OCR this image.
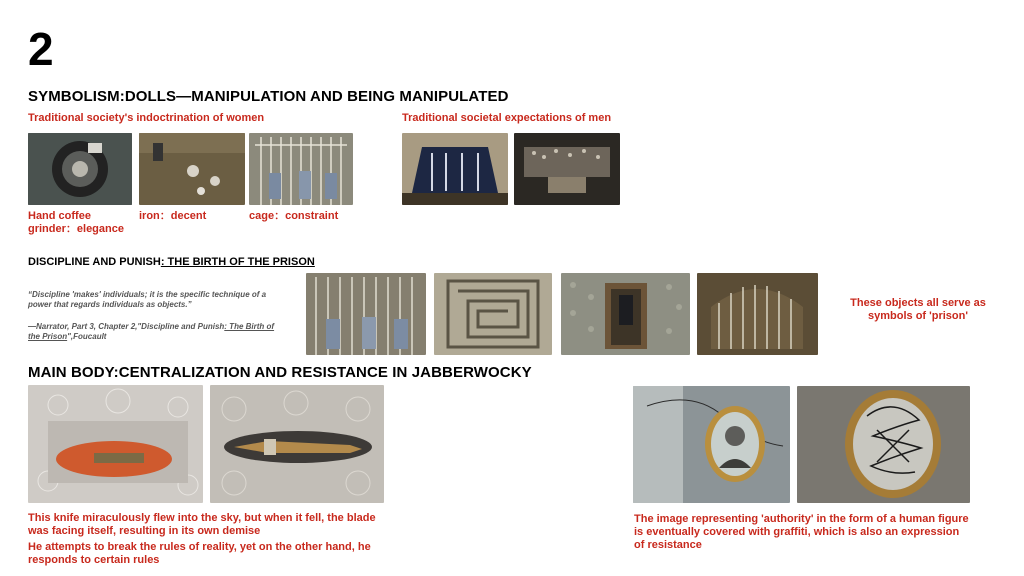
2
SYMBOLISM:DOLLS—MANIPULATION AND BEING MANIPULATED
Traditional society's indoctrination of women	Traditional societal expectations of men
Hand coffee grinder：elegance
iron：decent	cage：constraint
DISCIPLINE AND PUNISH: THE BIRTH OF THE PRISON
“Discipline 'makes' individuals; it is the specific technique of a power that regards individuals as objects.”
—Narrator, Part 3, Chapter 2,"Discipline and Punish: The Birth of the Prison",Foucault
These objects all serve as symbols of 'prison'
MAIN BODY:CENTRALIZATION AND RESISTANCE IN JABBERWOCKY
This knife miraculously flew into the sky, but when it fell, the blade was facing itself, resulting in its own demise
He attempts to break the rules of reality, yet on the other hand, he responds to certain rules
The image representing 'authority' in the form of a human figure is eventually covered with graffiti, which is also an expression of resistance
